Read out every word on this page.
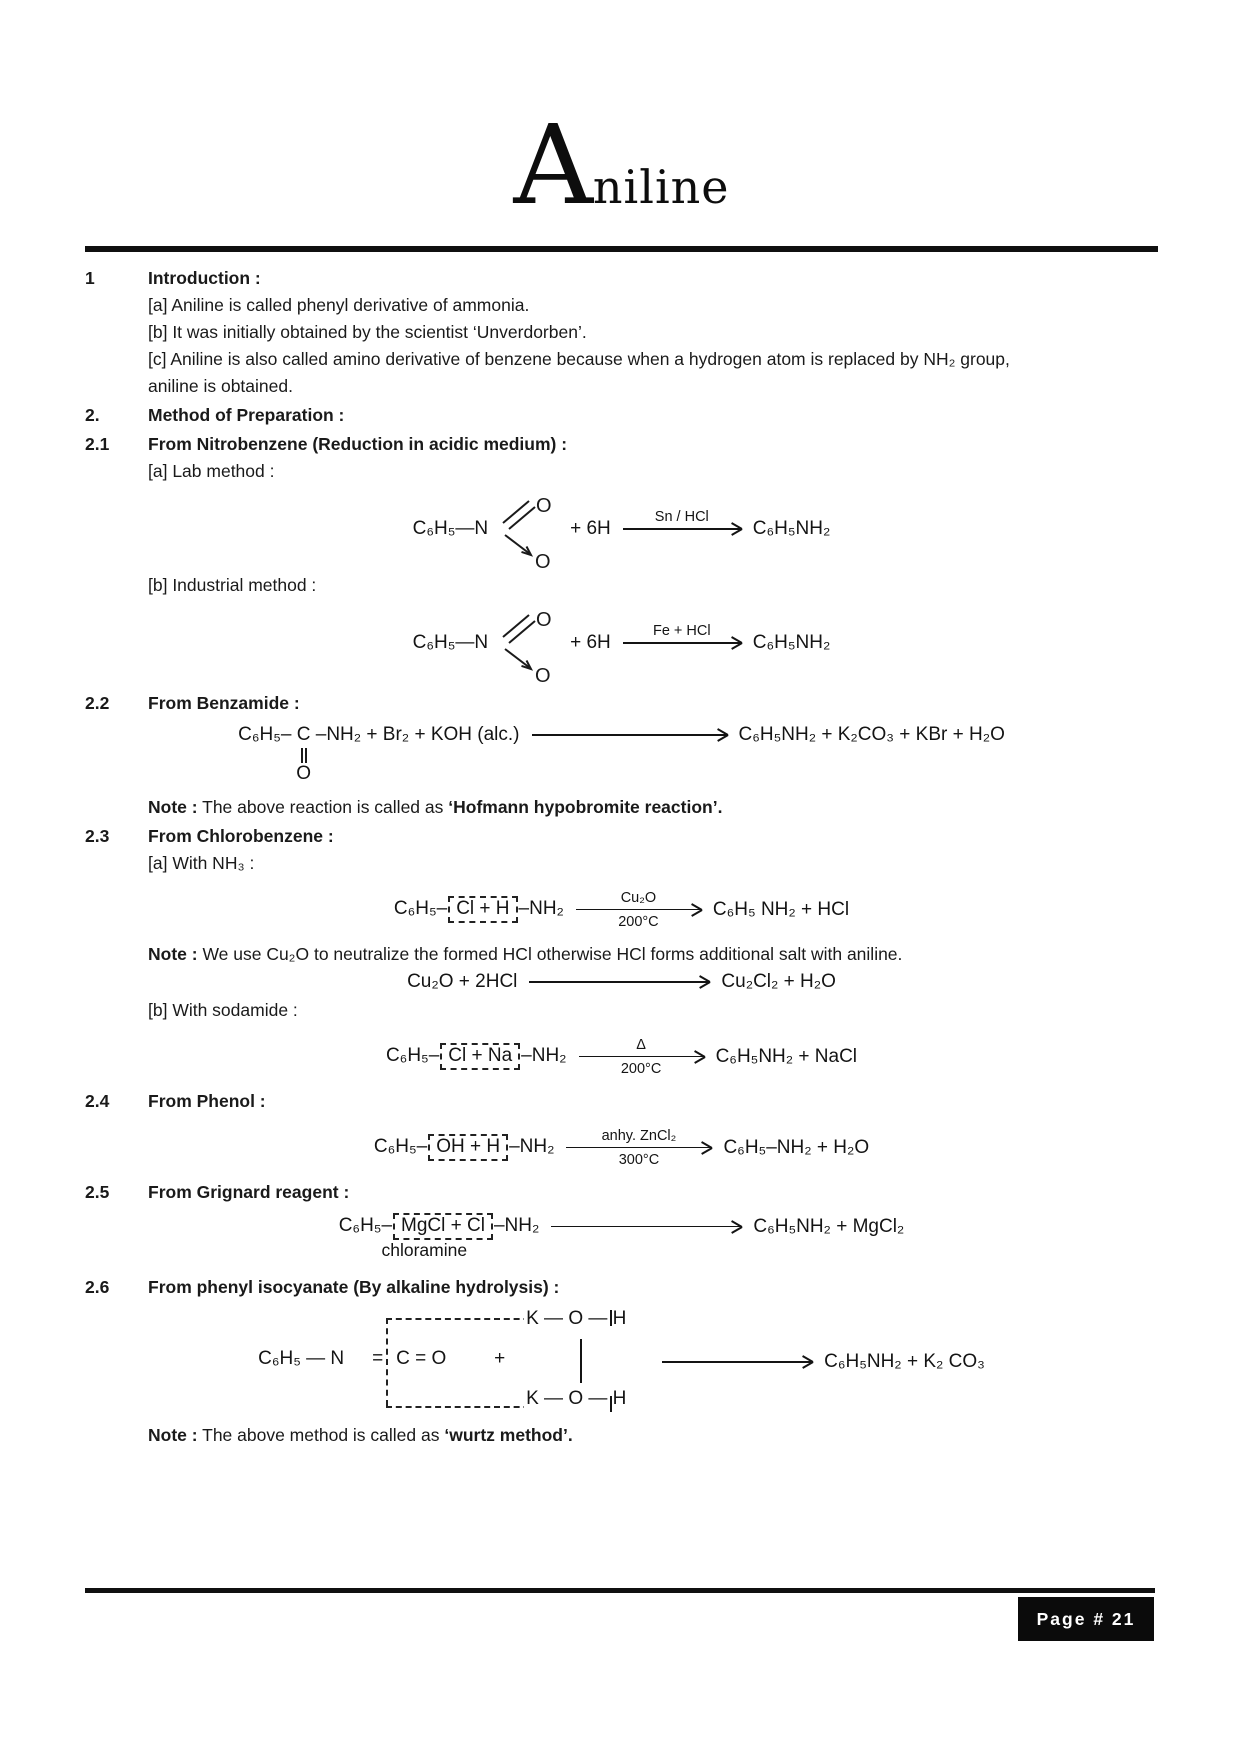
Aniline
1	Introduction :
[a] Aniline is called phenyl derivative of ammonia.
[b] It was initially obtained by the scientist ‘Unverdorben’.
[c] Aniline is also called amino derivative of benzene because when a hydrogen atom is replaced by NH₂ group,
aniline is obtained.
2.	Method of Preparation :
2.1	From Nitrobenzene (Reduction in acidic medium) :
[a] Lab method :
C₆H₅—N
O
O
+ 6H
Sn / HCl
C₆H₅NH₂
[b] Industrial method :
C₆H₅—N
O
O
+ 6H
Fe + HCl
C₆H₅NH₂
2.2	From Benzamide :
C₆H₅– C
O
–NH₂ + Br₂ + KOH (alc.)	C₆H₅NH₂ + K₂CO₃ + KBr + H₂O
Note : The above reaction is called as ‘Hofmann hypobromite reaction’.
2.3	From Chlorobenzene :
[a] With NH₃ :
C₆H₅– Cl + H –NH₂
Cu₂O
200°C
C₆H₅ NH₂ + HCl
Note : We use Cu₂O to neutralize the formed HCl otherwise HCl forms additional salt with aniline.
Cu₂O + 2HCl	Cu₂Cl₂ + H₂O
[b] With sodamide :
C₆H₅– Cl + Na –NH₂
Δ
200°C
C₆H₅NH₂ + NaCl
2.4	From Phenol :
C₆H₅– OH + H –NH₂
anhy. ZnCl₂
300°C
C₆H₅–NH₂ + H₂O
2.5	From Grignard reagent :
C₆H₅– MgCl + Cl –NH₂	C₆H₅NH₂ + MgCl₂
chloramine
2.6	From phenyl isocyanate (By alkaline hydrolysis) :
C₆H₅ — N = C = O	+
K — O — H
K — O — H
C₆H₅NH₂ + K₂ CO₃
Note : The above method is called as ‘wurtz method’.
Page # 21
